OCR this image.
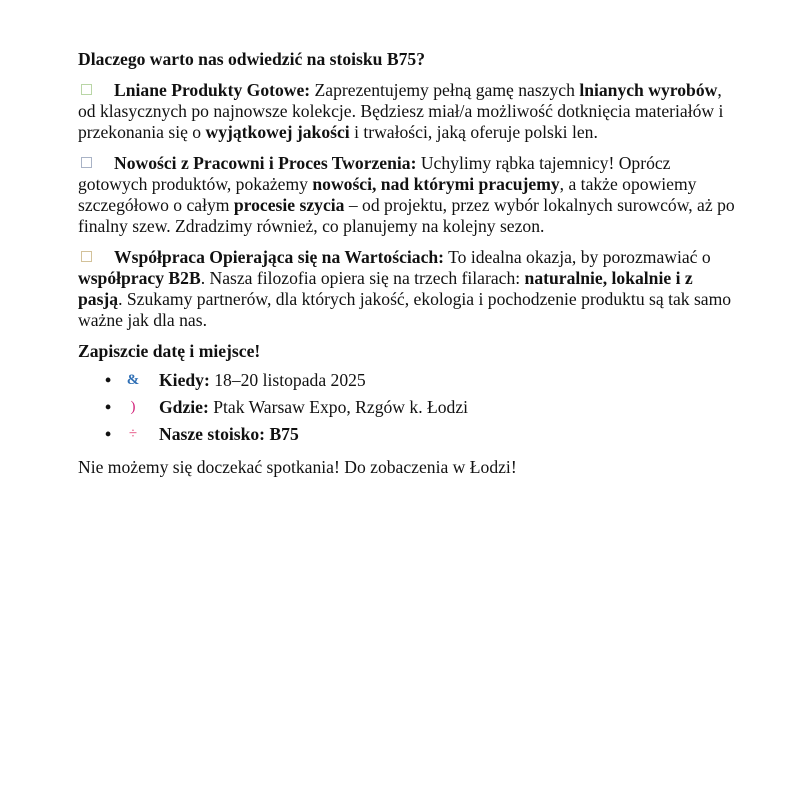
Dlaczego warto nas odwiedzić na stoisku B75?

Lniane Produkty Gotowe: Zaprezentujemy pełną gamę naszych lnianych wyrobów, od klasycznych po najnowsze kolekcje. Będziesz miał/a możliwość dotknięcia materiałów i przekonania się o wyjątkowej jakości i trwałości, jaką oferuje polski len.

Nowości z Pracowni i Proces Tworzenia: Uchylimy rąbka tajemnicy! Oprócz gotowych produktów, pokażemy nowości, nad którymi pracujemy, a także opowiemy szczegółowo o całym procesie szycia – od projektu, przez wybór lokalnych surowców, aż po finalny szew. Zdradzimy również, co planujemy na kolejny sezon.

Współpraca Opierająca się na Wartościach: To idealna okazja, by porozmawiać o współpracy B2B. Nasza filozofia opiera się na trzech filarach: naturalnie, lokalnie i z pasją. Szukamy partnerów, dla których jakość, ekologia i pochodzenie produktu są tak samo ważne jak dla nas.

Zapiszcie datę i miejsce!

• & Kiedy: 18–20 listopada 2025
•	)	Gdzie: Ptak Warsaw Expo, Rzgów k. Łodzi
•	÷ Nasze stoisko: B75

Nie możemy się doczekać spotkania! Do zobaczenia w Łodzi!
